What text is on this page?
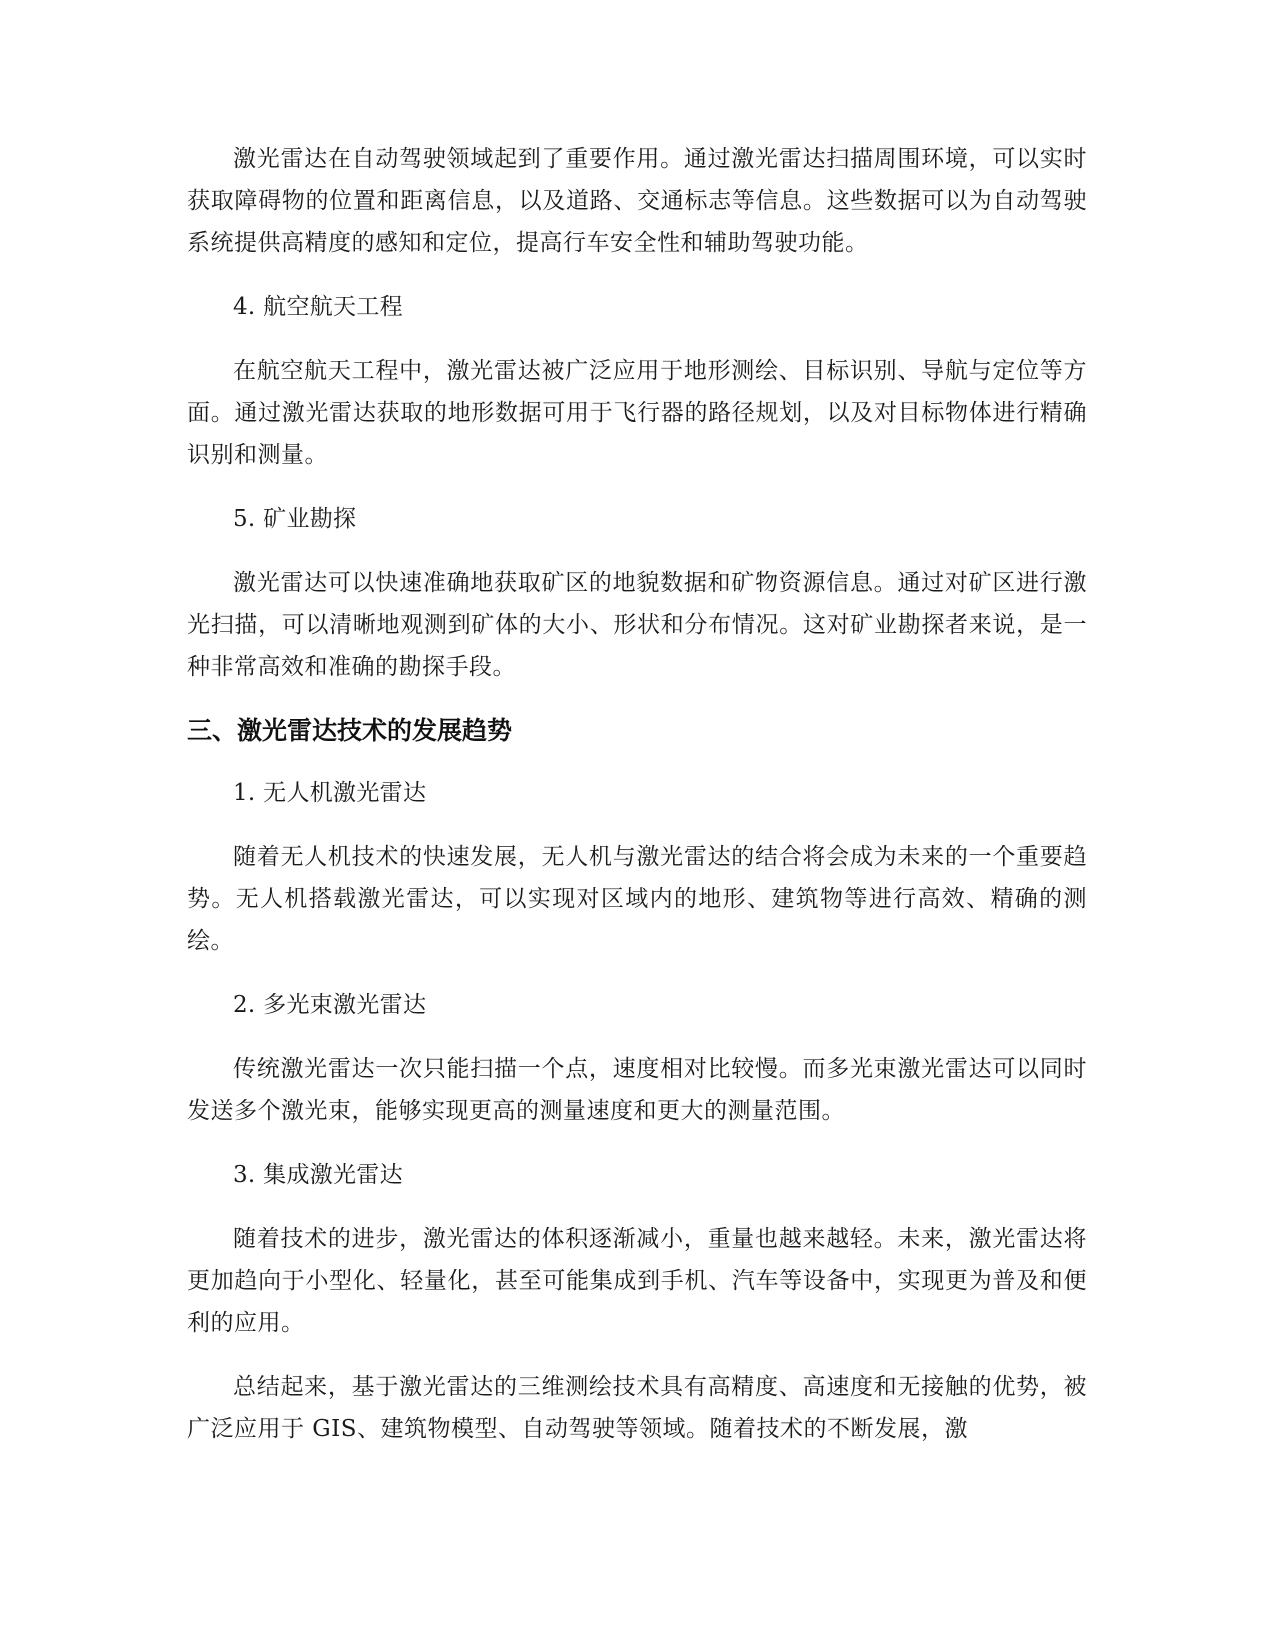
激光雷达在自动驾驶领域起到了重要作用。通过激光雷达扫描周围环境，可以实时获取障碍物的位置和距离信息，以及道路、交通标志等信息。这些数据可以为自动驾驶系统提供高精度的感知和定位，提高行车安全性和辅助驾驶功能。

4. 航空航天工程

在航空航天工程中，激光雷达被广泛应用于地形测绘、目标识别、导航与定位等方面。通过激光雷达获取的地形数据可用于飞行器的路径规划，以及对目标物体进行精确识别和测量。

5. 矿业勘探

激光雷达可以快速准确地获取矿区的地貌数据和矿物资源信息。通过对矿区进行激光扫描，可以清晰地观测到矿体的大小、形状和分布情况。这对矿业勘探者来说，是一种非常高效和准确的勘探手段。

三、激光雷达技术的发展趋势

1. 无人机激光雷达

随着无人机技术的快速发展，无人机与激光雷达的结合将会成为未来的一个重要趋势。无人机搭载激光雷达，可以实现对区域内的地形、建筑物等进行高效、精确的测绘。

2. 多光束激光雷达

传统激光雷达一次只能扫描一个点，速度相对比较慢。而多光束激光雷达可以同时发送多个激光束，能够实现更高的测量速度和更大的测量范围。

3. 集成激光雷达

随着技术的进步，激光雷达的体积逐渐减小，重量也越来越轻。未来，激光雷达将更加趋向于小型化、轻量化，甚至可能集成到手机、汽车等设备中，实现更为普及和便利的应用。

总结起来，基于激光雷达的三维测绘技术具有高精度、高速度和无接触的优势，被广泛应用于 GIS、建筑物模型、自动驾驶等领域。随着技术的不断发展，激
